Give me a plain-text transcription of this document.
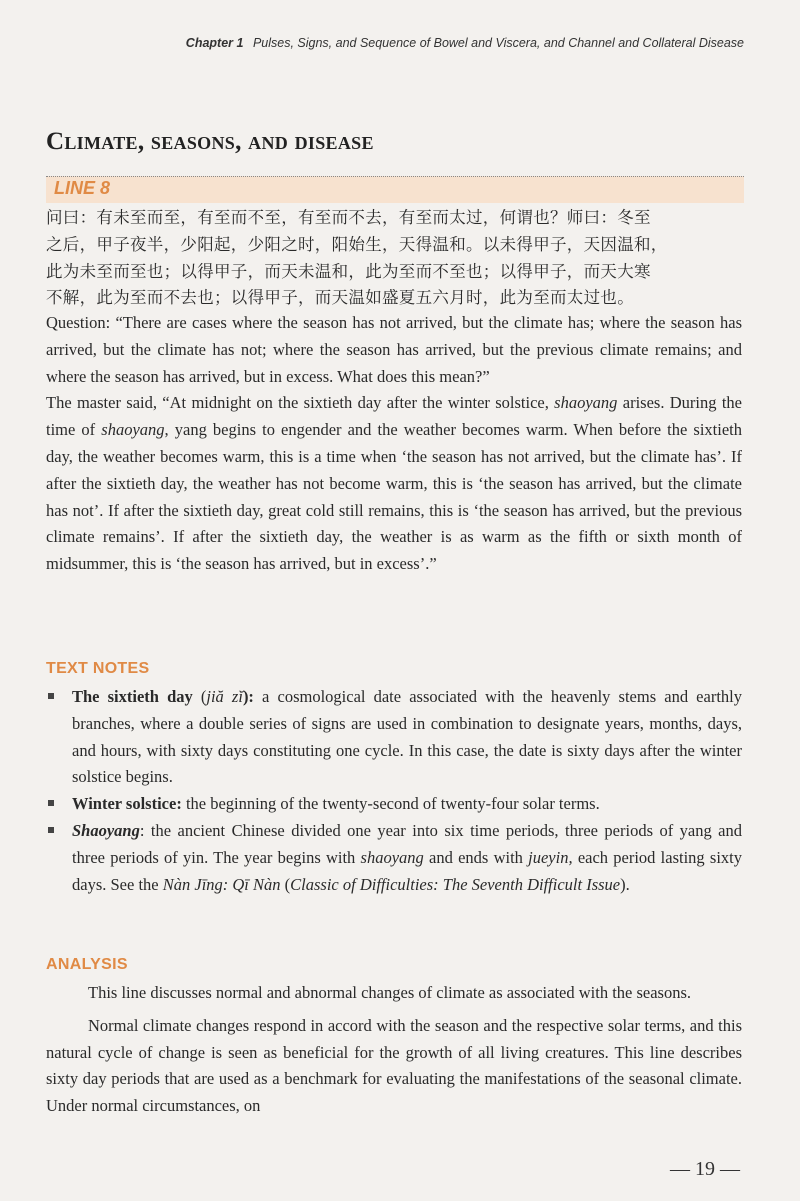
Chapter 1 Pulses, Signs, and Sequence of Bowel and Viscera, and Channel and Collateral Disease
Climate, seasons, and disease
LINE 8
问曰：有未至而至，有至而不至，有至而不去，有至而太过，何谓也？师曰：冬至
之后，甲子夜半，少阳起，少阳之时，阳始生，天得温和。以未得甲子，天因温和，
此为未至而至也；以得甲子，而天未温和，此为至而不至也；以得甲子，而天大寒
不解，此为至而不去也；以得甲子，而天温如盛夏五六月时，此为至而太过也。

Question: “There are cases where the season has not arrived, but the climate has; where the season has arrived, but the climate has not; where the season has arrived, but the previous climate remains; and where the season has arrived, but in excess. What does this mean?”

The master said, “At midnight on the sixtieth day after the winter solstice, shaoyang arises. During the time of shaoyang, yang begins to engender and the weather becomes warm. When before the sixtieth day, the weather becomes warm, this is a time when ‘the season has not arrived, but the climate has’. If after the sixtieth day, the weather has not become warm, this is ‘the season has arrived, but the climate has not’. If after the sixtieth day, great cold still remains, this is ‘the season has arrived, but the previous climate remains’. If after the sixtieth day, the weather is as warm as the fifth or sixth month of midsummer, this is ‘the season has arrived, but in excess’.”

TEXT NOTES
The sixtieth day (jiă zĭ): a cosmological date associated with the heavenly stems and earthly branches, where a double series of signs are used in combination to designate years, months, days, and hours, with sixty days constituting one cycle. In this case, the date is sixty days after the winter solstice begins.
Winter solstice: the beginning of the twenty-second of twenty-four solar terms.
Shaoyang: the ancient Chinese divided one year into six time periods, three periods of yang and three periods of yin. The year begins with shaoyang and ends with jueyin, each period lasting sixty days. See the Nàn Jīng: Qī Nàn (Classic of Difficulties: The Seventh Difficult Issue).
ANALYSIS

This line discusses normal and abnormal changes of climate as associated with the seasons.

Normal climate changes respond in accord with the season and the respective solar terms, and this natural cycle of change is seen as beneficial for the growth of all living creatures. This line describes sixty day periods that are used as a benchmark for evaluating the manifestations of the seasonal climate. Under normal circumstances, on

— 19 —
